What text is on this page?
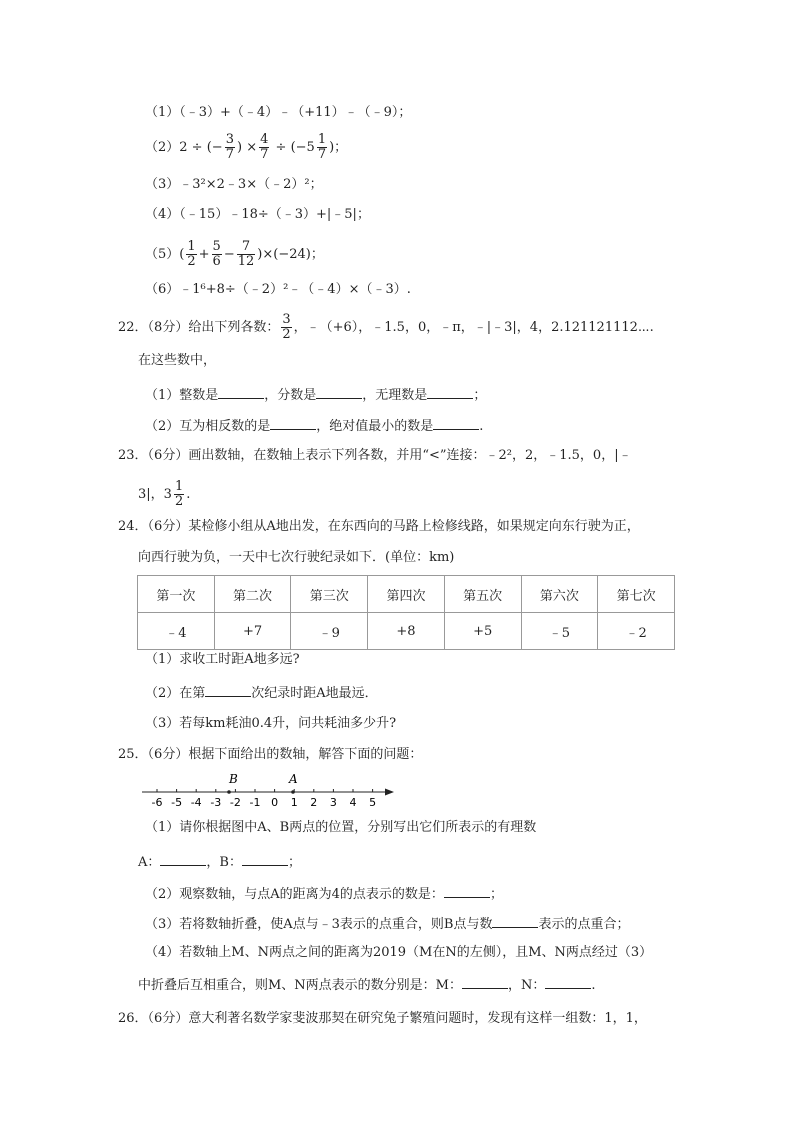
（1）（﹣3）+（﹣4）﹣（+11）﹣（﹣9）；
（2）2 ÷ (− $\frac{3}{7}$ ) × $\frac{4}{7} \div (-5 \frac{1}{7}$ )；
（3）﹣3²×2﹣3×（﹣2）²；
（4）（﹣15）﹣18÷（﹣3）+|﹣5|；
$(5)( \frac{1}{2} + \frac{5}{6} - \frac{7}{12} )\times(-24)$；
（6）﹣1⁶+8÷（﹣2）²﹣（﹣4）×（﹣3）.
22．（8分）给出下列各数： $\frac{3}{2}$ ，﹣（+6），﹣1.5，0，﹣π，﹣|﹣3|，4，2.121121112⋯.
在这些数中，
（1）整数是	，分数是	，无理数是	；
（2）互为相反数的是	，绝对值最小的数是	.
23．（6分）画出数轴，在数轴上表示下列各数，并用“<”连接：﹣2²，2，﹣1.5，0，|﹣
3|，$3 \frac{1}{2}$ .
24．（6分）某检修小组从A地出发，在东西向的马路上检修线路，如果规定向东行驶为正，
向西行驶为负，一天中七次行驶纪录如下．(单位：km)
第一次	第二次	第三次	第四次	第五次	第六次	第七次
﹣4	+7	﹣9	+8	+5	﹣5	﹣2
（1）求收工时距A地多远?
（2）在第	次纪录时距A地最远．
（3）若每km耗油0.4升，问共耗油多少升?
25．（6分）根据下面给出的数轴，解答下面的问题：
-6 -5 -4 -3 -2 -1 0 1 2 3 4 5
B	A
（1）请你根据图中A、B两点的位置，分别写出它们所表示的有理数
A：	，B：	；
（2）观察数轴，与点A的距离为4的点表示的数是：	；
（3）若将数轴折叠，使A点与﹣3表示的点重合，则B点与数	表示的点重合；
（4）若数轴上M、N两点之间的距离为2019（M在N的左侧），且M、N两点经过（3）
中折叠后互相重合，则M、N两点表示的数分别是：M：	，N：	.
26．（6分）意大利著名数学家斐波那契在研究兔子繁殖问题时，发现有这样一组数：1，1，
